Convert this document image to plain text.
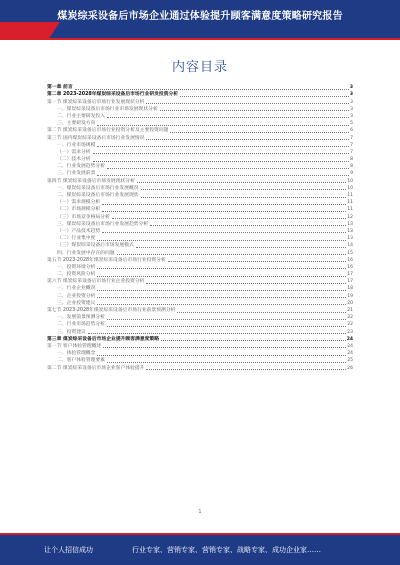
煤炭综采设备后市场企业通过体验提升顾客满意度策略研究报告
内容目录
第一章 前言	3
第二章 2023-2028年煤炭综采设备后市场行业研发投资分析	3
第一节 煤炭综采设备后市场行业发展现状分析	3
一、煤炭综采设备后市场行业市场发展现状分析	3
二、行业主要研发投入	3
三、主要研发方向	5
第二节 煤炭综采设备后市场行业投资分析及主要投资问题	6
第三节 国内煤炭综采设备后市场行业发展情况	7
一、行业市场规模	7
（一）需求分析	7
（二）技术分析	8
二、行业发展趋势分析	8
三、行业发展前景	9
第四节 煤炭综采设备后市场发展现状分析	10
一、煤炭综采设备后市场行业发展概况	10
二、煤炭综采设备后市场行业发展现状	11
（一）需求规模分析	11
（二）市场规模分析	11
（三）市场竞争格局分析	12
三、煤炭综采设备后市场行业发展趋势分析	13
（一）产品技术趋势	13
（二）行业集中度	13
（三）煤炭综采设备后市场发展模式	14
四、行业发展中存在的问题	15
第五节 2023-2028年煤炭综采设备后市场行业投资分析	16
一、投资环境分析	16
二、投资风险分析	17
第六节 煤炭综采设备后市场行业企业投资分析	17
一、行业企业概况	18
二、企业投资分析	19
三、企业投资建议	20
第七节 2023-2028年煤炭综采设备后市场行业前景预测分析	21
一、发展前景预测分析	22
二、行业市场趋势分析	22
三、投资建议	23
第三章 煤炭综采设备后市场企业提升顾客满意度策略	24
第一节 客户体验管理概述	24
一、体验管理概念	24
二、客户体验管理要素	25
第二节 煤炭综采设备后市场企业客户体验提升	26
1
让个人招信成功	行业专家、营销专家、营销专家、战略专家、成功企业家……
